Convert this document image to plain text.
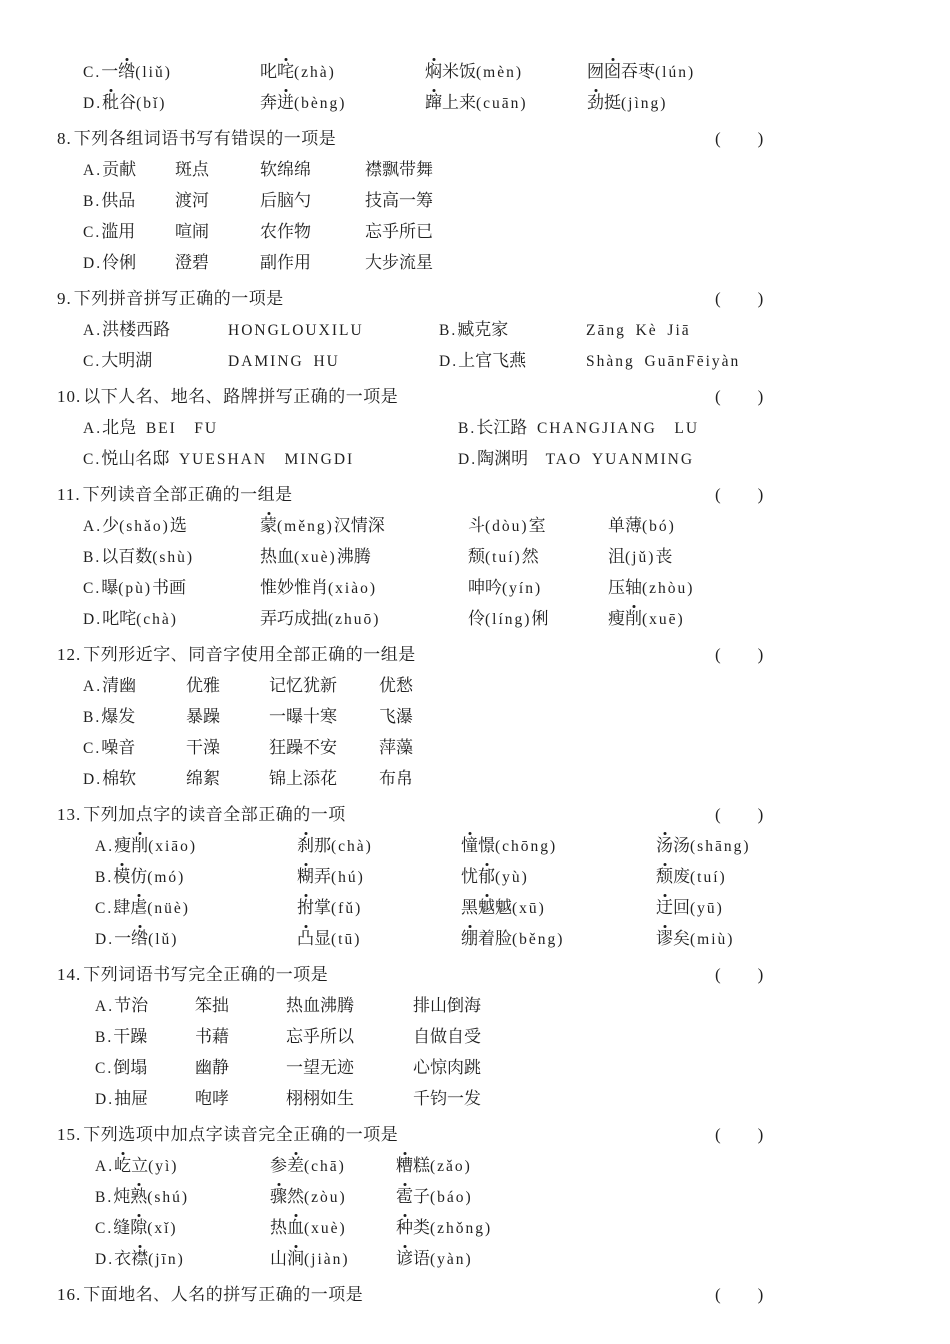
C.一绺(liǔ)	叱咤(zhà)	焖米饭(mèn)	囫囵吞枣(lún)
D.秕谷(bǐ)	奔迸(bèng)	蹿上来(cuān)	劲挺(jìng)
8. 下列各组词语书写有错误的一项是	(  )
A.贡献	斑点	软绵绵	襟飘带舞
B.供品	渡河	后脑勺	技高一筹
C.滥用	喧闹	农作物	忘乎所已
D.伶俐	澄碧	副作用	大步流星
9. 下列拼音拼写正确的一项是	(  )
A.洪楼西路	HONGLOUXILU	B.臧克家	Zāng Kè Jiā
C.大明湖	DAMING HU	D.上官飞燕	Shàng GuānFēiyàn
10. 以下人名、地名、路牌拼写正确的一项是	(  )
A.北凫 BEI FU	B.长江路 CHANGJIANG LU
C.悦山名邸 YUESHAN MINGDI	D.陶渊明 TAO YUANMING
11. 下列读音全部正确的一组是	(  )
A.少(shǎo)选	蒙(měng)汉情深	斗(dòu)室	单薄(bó)
B.以百数(shù)	热血(xuè)沸腾	颓(tuí)然	沮(jǔ)丧
C.曝(pù)书画	惟妙惟肖(xiào)	呻吟(yín)	压轴(zhòu)
D.叱咤(chà)	弄巧成拙(zhuō)	伶(líng)俐	瘦削(xuē)
12. 下列形近字、同音字使用全部正确的一组是	(  )
A.清幽	优雅	记忆犹新	优愁
B.爆发	暴躁	一曝十寒	飞瀑
C.噪音	干澡	狂躁不安	萍藻
D.棉软	绵絮	锦上添花	布帛
13. 下列加点字的读音全部正确的一项	(  )
A.瘦削(xiāo)	刹那(chà)	憧憬(chōng)	汤汤(shāng)
B.模仿(mó)	糊弄(hú)	忧郁(yù)	颓废(tuí)
C.肆虐(nüè)	拊掌(fǔ)	黑魆魆(xū)	迂回(yū)
D.一绺(lǔ)	凸显(tū)	绷着脸(běng)	谬矣(miù)
14. 下列词语书写完全正确的一项是	(  )
A.节治	笨拙	热血沸腾	排山倒海
B.干躁	书藉	忘乎所以	自做自受
C.倒塌	幽静	一望无迹	心惊肉跳
D.抽屉	咆哮	栩栩如生	千钧一发
15. 下列选项中加点字读音完全正确的一项是	(  )
A.屹立(yì)	参差(chā)	糟糕(zǎo)
B.炖熟(shú)	骤然(zòu)	雹子(báo)
C.缝隙(xǐ)	热血(xuè)	种类(zhǒng)
D.衣襟(jīn)	山涧(jiàn)	谚语(yàn)
16. 下面地名、人名的拼写正确的一项是	(  )
